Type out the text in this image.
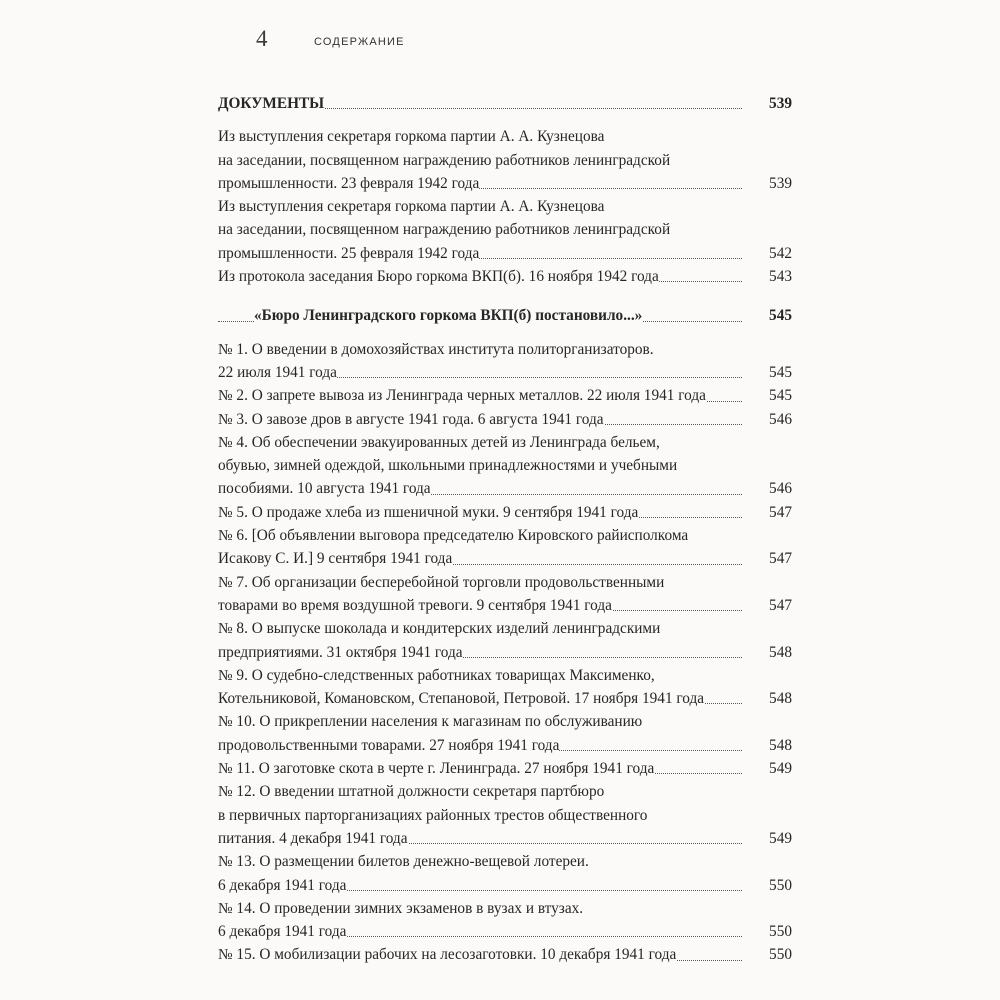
4	СОДЕРЖАНИЕ
ДОКУМЕНТЫ	539
Из выступления секретаря горкома партии А. А. Кузнецова
на заседании, посвященном награждению работников ленинградской
промышленности. 23 февраля 1942 года	539
Из выступления секретаря горкома партии А. А. Кузнецова
на заседании, посвященном награждению работников ленинградской
промышленности. 25 февраля 1942 года	542
Из протокола заседания Бюро горкома ВКП(б). 16 ноября 1942 года	543
«Бюро Ленинградского горкома ВКП(б) постановило...»	545
№ 1. О введении в домохозяйствах института политорганизаторов.
22 июля 1941 года	545
№ 2. О запрете вывоза из Ленинграда черных металлов. 22 июля 1941 года	545
№ 3. О завозе дров в августе 1941 года. 6 августа 1941 года	546
№ 4. Об обеспечении эвакуированных детей из Ленинграда бельем,
обувью, зимней одеждой, школьными принадлежностями и учебными
пособиями. 10 августа 1941 года	546
№ 5. О продаже хлеба из пшеничной муки. 9 сентября 1941 года	547
№ 6. [Об объявлении выговора председателю Кировского райисполкома
Исакову С. И.] 9 сентября 1941 года	547
№ 7. Об организации бесперебойной торговли продовольственными
товарами во время воздушной тревоги. 9 сентября 1941 года	547
№ 8. О выпуске шоколада и кондитерских изделий ленинградскими
предприятиями. 31 октября 1941 года	548
№ 9. О судебно-следственных работниках товарищах Максименко,
Котельниковой, Комановском, Степановой, Петровой. 17 ноября 1941 года	548
№ 10. О прикреплении населения к магазинам по обслуживанию
продовольственными товарами. 27 ноября 1941 года	548
№ 11. О заготовке скота в черте г. Ленинграда. 27 ноября 1941 года	549
№ 12. О введении штатной должности секретаря партбюро
в первичных парторганизациях районных трестов общественного
питания. 4 декабря 1941 года	549
№ 13. О размещении билетов денежно-вещевой лотереи.
6 декабря 1941 года	550
№ 14. О проведении зимних экзаменов в вузах и втузах.
6 декабря 1941 года	550
№ 15. О мобилизации рабочих на лесозаготовки. 10 декабря 1941 года	550
